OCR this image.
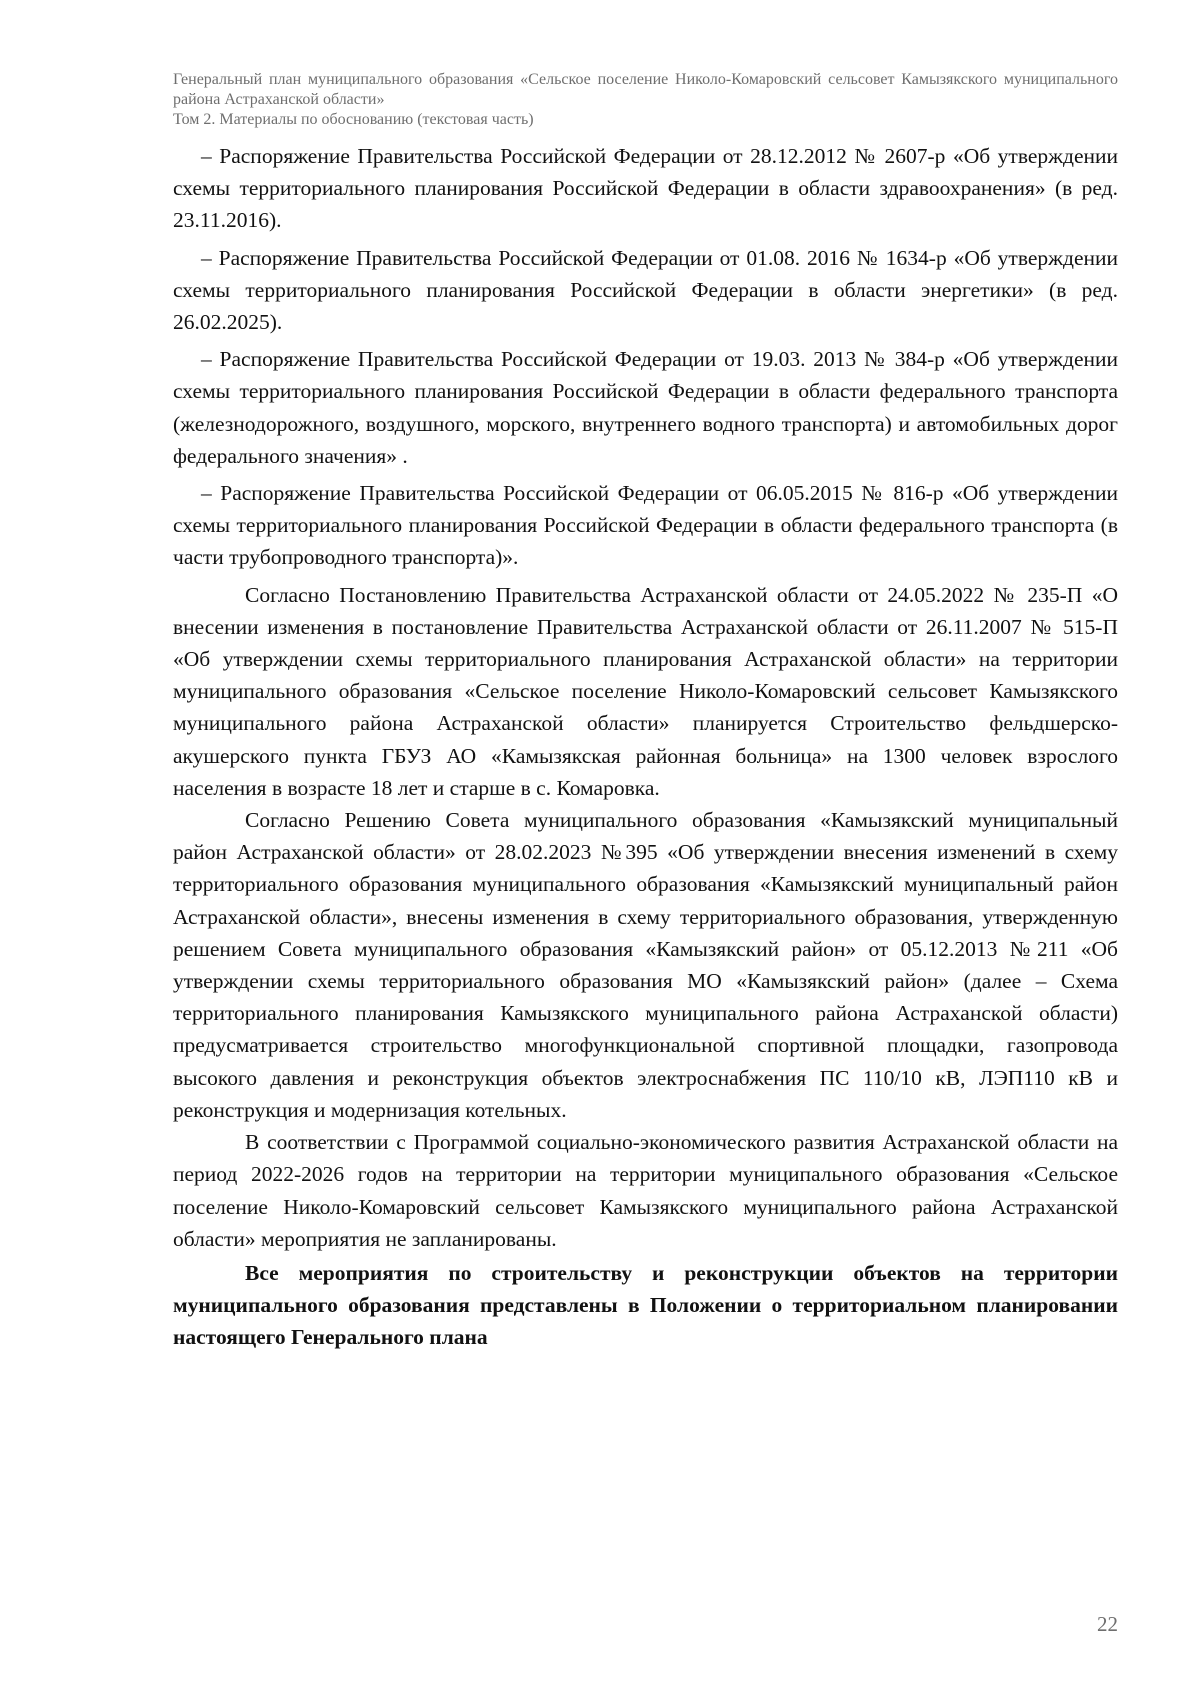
Генеральный план муниципального образования «Сельское поселение Николо-Комаровский сельсовет Камызякского муниципального района Астраханской области»
Том 2. Материалы по обоснованию (текстовая часть)

– Распоряжение Правительства Российской Федерации от 28.12.2012 № 2607-р «Об утверждении схемы территориального планирования Российской Федерации в области здравоохранения» (в ред. 23.11.2016).

– Распоряжение Правительства Российской Федерации от 01.08. 2016 № 1634-р «Об утверждении схемы территориального планирования Российской Федерации в области энергетики» (в ред. 26.02.2025).

– Распоряжение Правительства Российской Федерации от 19.03. 2013 № 384-р «Об утверждении схемы территориального планирования Российской Федерации в области федерального транспорта (железнодорожного, воздушного, морского, внутреннего водного транспорта) и автомобильных дорог федерального значения» .

– Распоряжение Правительства Российской Федерации от 06.05.2015 № 816-р «Об утверждении схемы территориального планирования Российской Федерации в области федерального транспорта (в части трубопроводного транспорта)».

Согласно Постановлению Правительства Астраханской области от 24.05.2022 № 235-П «О внесении изменения в постановление Правительства Астраханской области от 26.11.2007 № 515-П «Об утверждении схемы территориального планирования Астраханской области» на территории муниципального образования «Сельское поселение Николо-Комаровский сельсовет Камызякского муниципального района Астраханской области» планируется Строительство фельдшерско-акушерского пункта ГБУЗ АО «Камызякская районная больница» на 1300 человек взрослого населения в возрасте 18 лет и старше в с. Комаровка.

Согласно Решению Совета муниципального образования «Камызякский муниципальный район Астраханской области» от 28.02.2023 №395 «Об утверждении внесения изменений в схему территориального образования муниципального образования «Камызякский муниципальный район Астраханской области», внесены изменения в схему территориального образования, утвержденную решением Совета муниципального образования «Камызякский район» от 05.12.2013 №211 «Об утверждении схемы территориального образования МО «Камызякский район» (далее – Схема территориального планирования Камызякского муниципального района Астраханской области) предусматривается строительство многофункциональной спортивной площадки, газопровода высокого давления и реконструкция объектов электроснабжения ПС 110/10 кВ, ЛЭП110 кВ и реконструкция и модернизация котельных.

В соответствии с Программой социально-экономического развития Астраханской области на период 2022-2026 годов на территории на территории муниципального образования «Сельское поселение Николо-Комаровский сельсовет Камызякского муниципального района Астраханской области» мероприятия не запланированы.

Все мероприятия по строительству и реконструкции объектов на территории муниципального образования представлены в Положении о территориальном планировании настоящего Генерального плана

22
